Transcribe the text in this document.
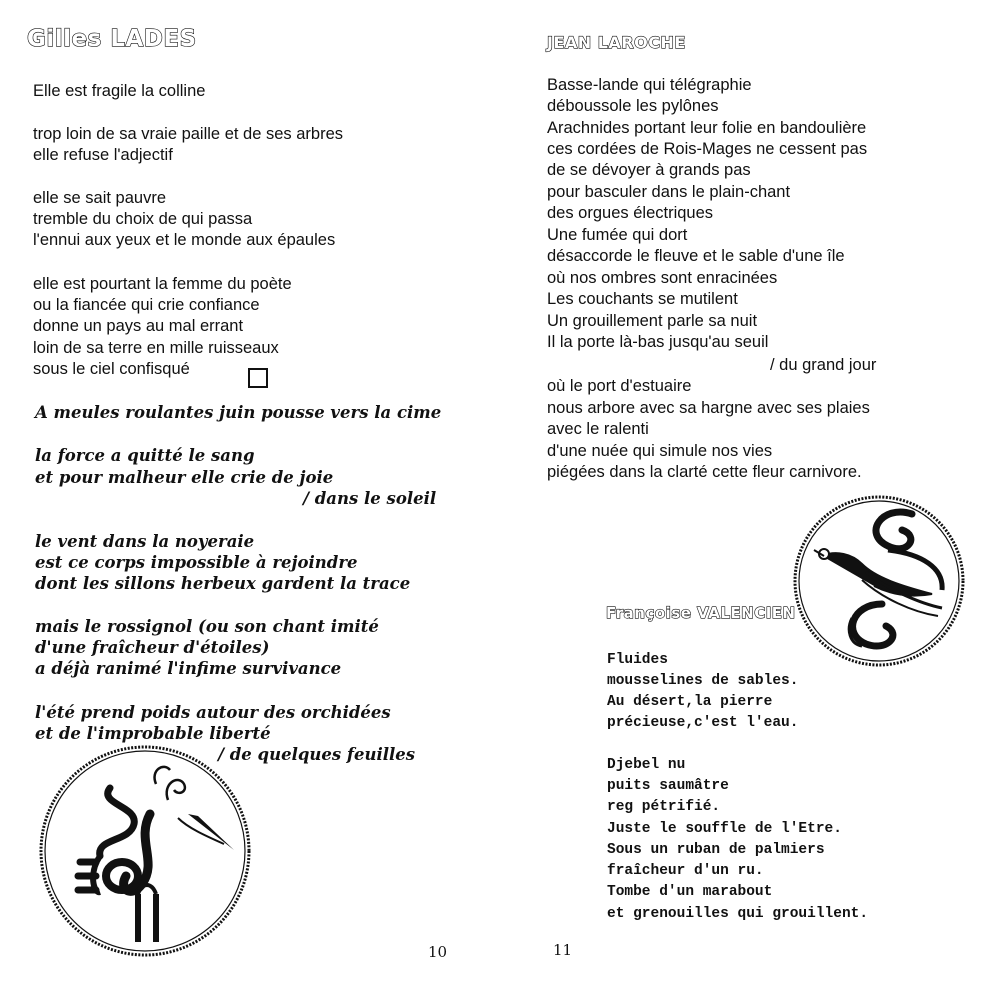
Gilles LADES
Elle est fragile la colline
trop loin de sa vraie paille et de ses arbres
elle refuse l'adjectif
elle se sait pauvre
tremble du choix de qui passa
l'ennui aux yeux et le monde aux épaules
elle est pourtant la femme du poète
ou la fiancée qui crie confiance
donne un pays au mal errant
loin de sa terre en mille ruisseaux
sous le ciel confisqué
A meules roulantes juin pousse vers la cime
la force a quitté le sang
et pour malheur elle crie de joie
/ dans le soleil
le vent dans la noyeraie
est ce corps impossible à rejoindre
dont les sillons herbeux gardent la trace
mais le rossignol (ou son chant imité
d'une fraîcheur d'étoiles)
a déjà ranimé l'infime survivance
l'été prend poids autour des orchidées
et de l'improbable liberté
/ de quelques feuilles
10
JEAN LAROCHE
Basse-lande qui télégraphie
déboussole les pylônes
Arachnides portant leur folie en bandoulière
ces cordées de Rois-Mages ne cessent pas
de se dévoyer à grands pas
pour basculer dans le plain-chant
des orgues électriques
Une fumée qui dort
désaccorde le fleuve et le sable d'une île
où nos ombres sont enracinées
Les couchants se mutilent
Un grouillement parle sa nuit
Il la porte là-bas jusqu'au seuil
/ du grand jour
où le port d'estuaire
nous arbore avec sa hargne avec ses plaies
avec le ralenti
d'une nuée qui simule nos vies
piégées dans la clarté cette fleur carnivore.
Françoise VALENCIEN
Fluides
mousselines de sables.
Au désert,la pierre
précieuse,c'est l'eau.
Djebel nu
puits saumâtre
reg pétrifié.
Juste le souffle de l'Etre.
Sous un ruban de palmiers
fraîcheur d'un ru.
Tombe d'un marabout
et grenouilles qui grouillent.
11
